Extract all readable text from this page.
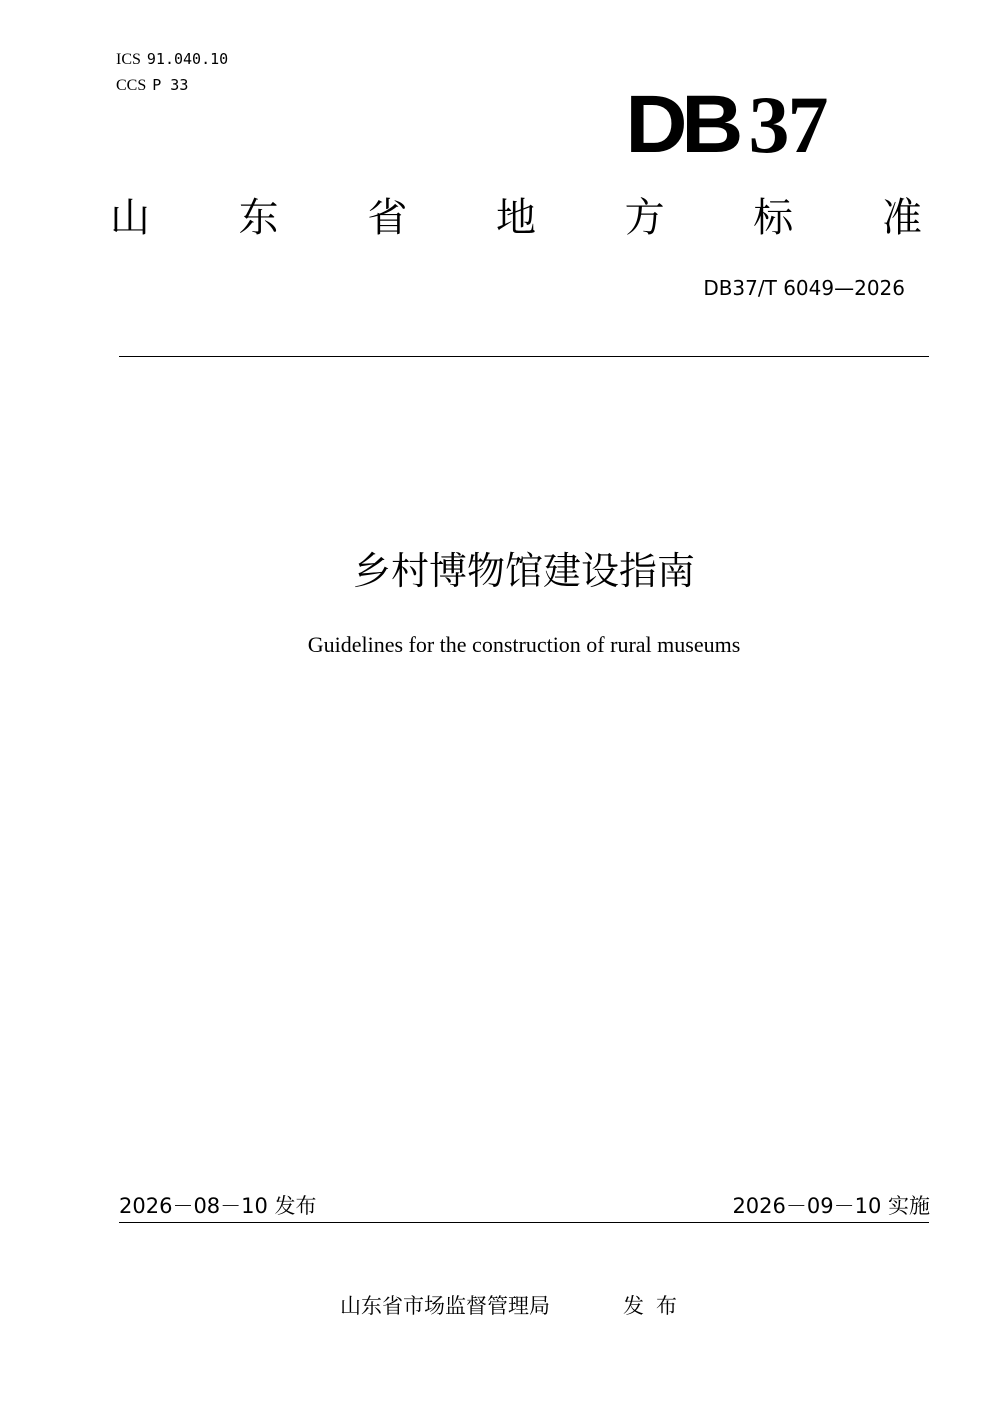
ICS 91.040.10
CCS P 33	DB 37
山 东 省 地 方 标 准
DB37/T 6049—2026
乡村博物馆建设指南
Guidelines for the construction of rural museums
2026－08－10 发布	2026－09－10 实施
山东省市场监督管理局	发布
